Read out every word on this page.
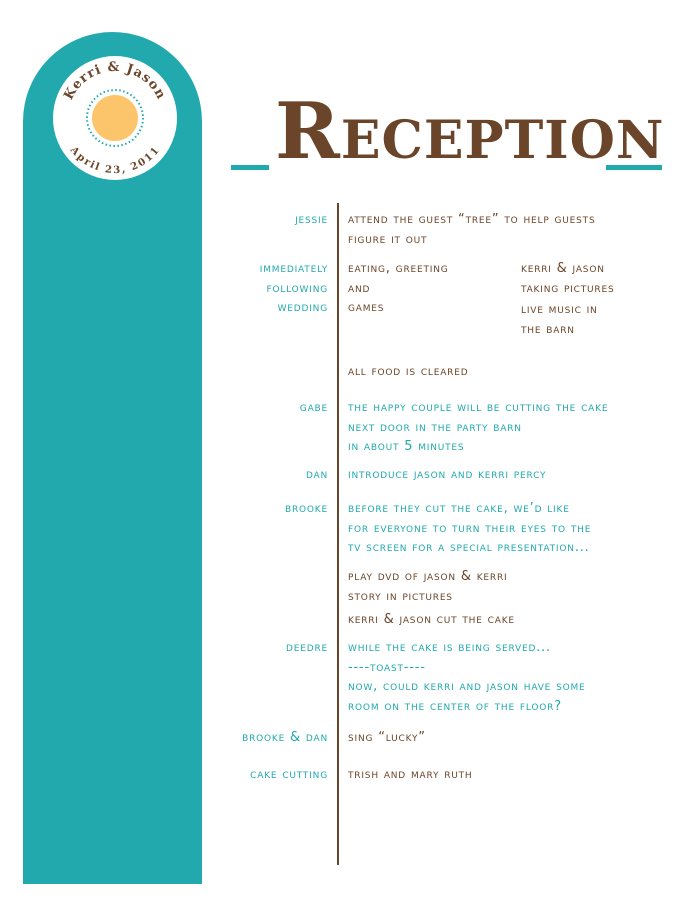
Kerri & Jason
April 23, 2011 RECEPTION
jessie attend the guest “tree” to help guests
figure it out
immediately
following
wedding
eating, greeting
and
games
kerri & jason
taking pictures
live music in
the barn
all food is cleared
gabe the happy couple will be cutting the cake
next door in the party barn
in about 5 minutes
dan introduce jason and kerri percy
brooke before they cut the cake, we’d like
for everyone to turn their eyes to the
tv screen for a special presentation...
play dvd of jason & kerri
story in pictures
kerri & jason cut the cake
deedre while the cake is being served...
----toast----
now, could kerri and jason have some
room on the center of the floor?
brooke & dan sing “lucky”
cake cutting trish and mary ruth
